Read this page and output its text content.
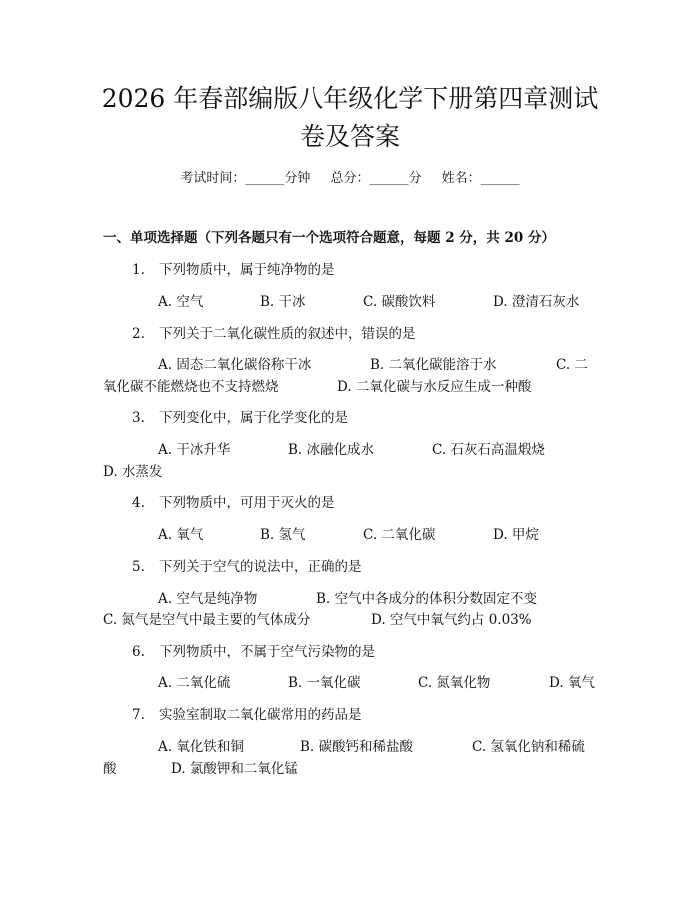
2026 年春部编版八年级化学下册第四章测试
卷及答案
考试时间：______分钟 总分：______分 姓名：______
一、单项选择题（下列各题只有一个选项符合题意，每题 2 分，共 20 分）
1. 下列物质中，属于纯净物的是
A. 空气	B. 干冰	C. 碳酸饮料	D. 澄清石灰水
2. 下列关于二氧化碳性质的叙述中，错误的是
A. 固态二氧化碳俗称干冰	B. 二氧化碳能溶于水	C. 二
氧化碳不能燃烧也不支持燃烧	D. 二氧化碳与水反应生成一种酸
3. 下列变化中，属于化学变化的是
A. 干冰升华	B. 冰融化成水	C. 石灰石高温煅烧
D. 水蒸发
4. 下列物质中，可用于灭火的是
A. 氧气	B. 氢气	C. 二氧化碳	D. 甲烷
5. 下列关于空气的说法中，正确的是
A. 空气是纯净物	B. 空气中各成分的体积分数固定不变
C. 氮气是空气中最主要的气体成分	D. 空气中氧气约占 0.03%
6. 下列物质中，不属于空气污染物的是
A. 二氧化硫	B. 一氧化碳	C. 氮氧化物	D. 氧气
7. 实验室制取二氧化碳常用的药品是
A. 氧化铁和铜	B. 碳酸钙和稀盐酸	C. 氢氧化钠和稀硫
酸	D. 氯酸钾和二氧化锰
